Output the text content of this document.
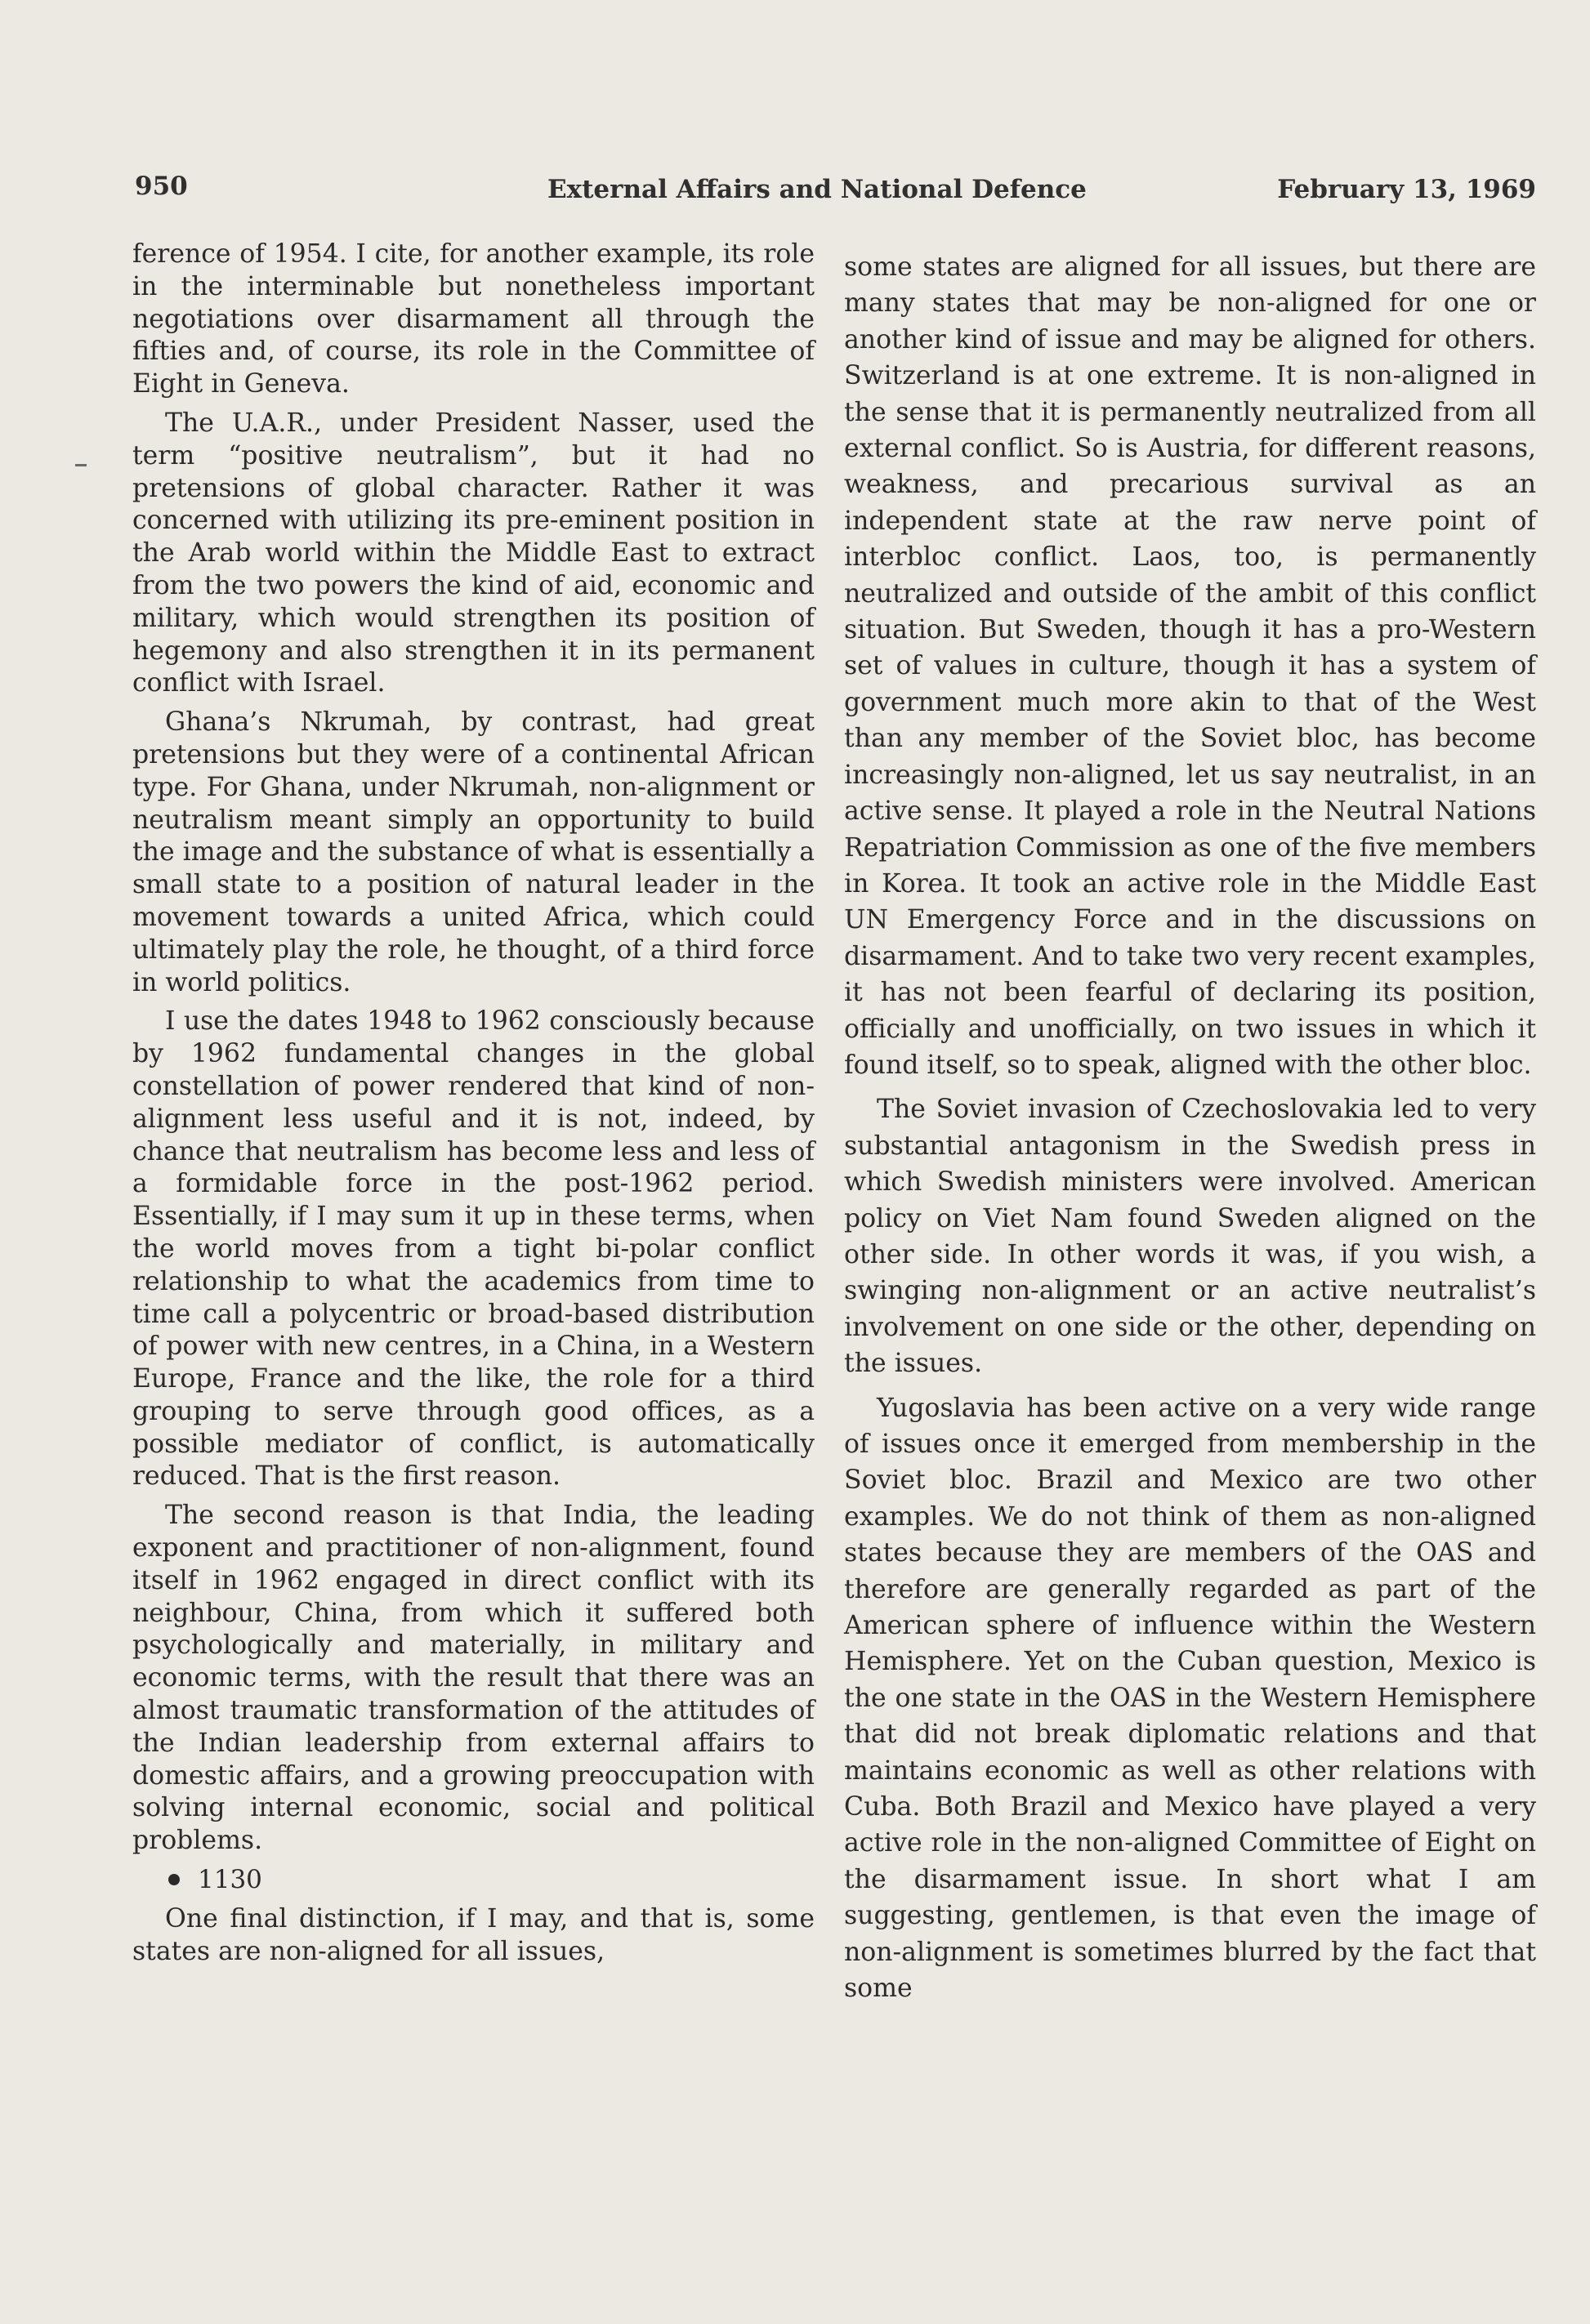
950	External Affairs and National Defence	February 13, 1969

ference of 1954. I cite, for another example, its role in the interminable but nonetheless important negotiations over disarmament all through the fifties and, of course, its role in the Committee of Eight in Geneva.

The U.A.R., under President Nasser, used the term “positive neutralism”, but it had no pretensions of global character. Rather it was concerned with utilizing its pre-eminent position in the Arab world within the Middle East to extract from the two powers the kind of aid, economic and military, which would strengthen its position of hegemony and also strengthen it in its permanent conflict with Israel.

Ghana’s Nkrumah, by contrast, had great pretensions but they were of a continental African type. For Ghana, under Nkrumah, non-alignment or neutralism meant simply an opportunity to build the image and the substance of what is essentially a small state to a position of natural leader in the movement towards a united Africa, which could ultimately play the role, he thought, of a third force in world politics.

I use the dates 1948 to 1962 consciously because by 1962 fundamental changes in the global constellation of power rendered that kind of non-alignment less useful and it is not, indeed, by chance that neutralism has become less and less of a formidable force in the post-1962 period. Essentially, if I may sum it up in these terms, when the world moves from a tight bi-polar conflict relationship to what the academics from time to time call a polycentric or broad-based distribution of power with new centres, in a China, in a Western Europe, France and the like, the role for a third grouping to serve through good offices, as a possible mediator of conflict, is automatically reduced. That is the first reason.

The second reason is that India, the leading exponent and practitioner of non-alignment, found itself in 1962 engaged in direct conflict with its neighbour, China, from which it suffered both psychologically and materially, in military and economic terms, with the result that there was an almost traumatic transformation of the attitudes of the Indian leadership from external affairs to domestic affairs, and a growing preoccupation with solving internal economic, social and political problems.

1130

One final distinction, if I may, and that is, some states are non-aligned for all issues,

some states are aligned for all issues, but there are many states that may be non-aligned for one or another kind of issue and may be aligned for others. Switzerland is at one extreme. It is non-aligned in the sense that it is permanently neutralized from all external conflict. So is Austria, for different reasons, weakness, and precarious survival as an independent state at the raw nerve point of interbloc conflict. Laos, too, is permanently neutralized and outside of the ambit of this conflict situation. But Sweden, though it has a pro-Western set of values in culture, though it has a system of government much more akin to that of the West than any member of the Soviet bloc, has become increasingly non-aligned, let us say neutralist, in an active sense. It played a role in the Neutral Nations Repatriation Commission as one of the five members in Korea. It took an active role in the Middle East UN Emergency Force and in the discussions on disarmament. And to take two very recent examples, it has not been fearful of declaring its position, officially and unofficially, on two issues in which it found itself, so to speak, aligned with the other bloc.

The Soviet invasion of Czechoslovakia led to very substantial antagonism in the Swedish press in which Swedish ministers were involved. American policy on Viet Nam found Sweden aligned on the other side. In other words it was, if you wish, a swinging non-alignment or an active neutralist’s involvement on one side or the other, depending on the issues.

Yugoslavia has been active on a very wide range of issues once it emerged from membership in the Soviet bloc. Brazil and Mexico are two other examples. We do not think of them as non-aligned states because they are members of the OAS and therefore are generally regarded as part of the American sphere of influence within the Western Hemisphere. Yet on the Cuban question, Mexico is the one state in the OAS in the Western Hemisphere that did not break diplomatic relations and that maintains economic as well as other relations with Cuba. Both Brazil and Mexico have played a very active role in the non-aligned Committee of Eight on the disarmament issue. In short what I am suggesting, gentlemen, is that even the image of non-alignment is sometimes blurred by the fact that some
